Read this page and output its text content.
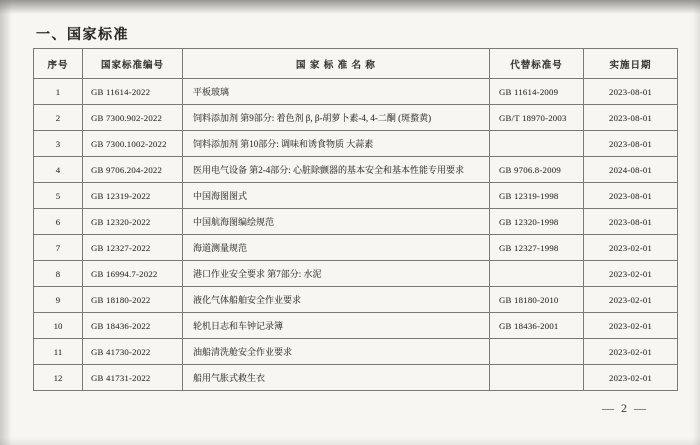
一、国家标准
序号	国家标准编号	国 家 标 准 名 称	代替标准号	实施日期
1	GB 11614-2022	平板玻璃	GB 11614-2009	2023-08-01
2	GB 7300.902-2022	饲料添加剂 第9部分: 着色剂 β, β-胡萝卜素-4, 4-二酮 (斑蝥黄)	GB/T 18970-2003	2023-08-01
3	GB 7300.1002-2022	饲料添加剂 第10部分: 调味和诱食物质 大蒜素		2023-08-01
4	GB 9706.204-2022	医用电气设备 第2-4部分: 心脏除颤器的基本安全和基本性能专用要求	GB 9706.8-2009	2024-08-01
5	GB 12319-2022	中国海图图式	GB 12319-1998	2023-08-01
6	GB 12320-2022	中国航海图编绘规范	GB 12320-1998	2023-08-01
7	GB 12327-2022	海道测量规范	GB 12327-1998	2023-02-01
8	GB 16994.7-2022	港口作业安全要求 第7部分: 水泥		2023-02-01
9	GB 18180-2022	液化气体船舶安全作业要求	GB 18180-2010	2023-02-01
10	GB 18436-2022	轮机日志和车钟记录簿	GB 18436-2001	2023-02-01
11	GB 41730-2022	油船清洗舱安全作业要求		2023-02-01
12	GB 41731-2022	船用气胀式救生衣		2023-02-01
— 2 —
